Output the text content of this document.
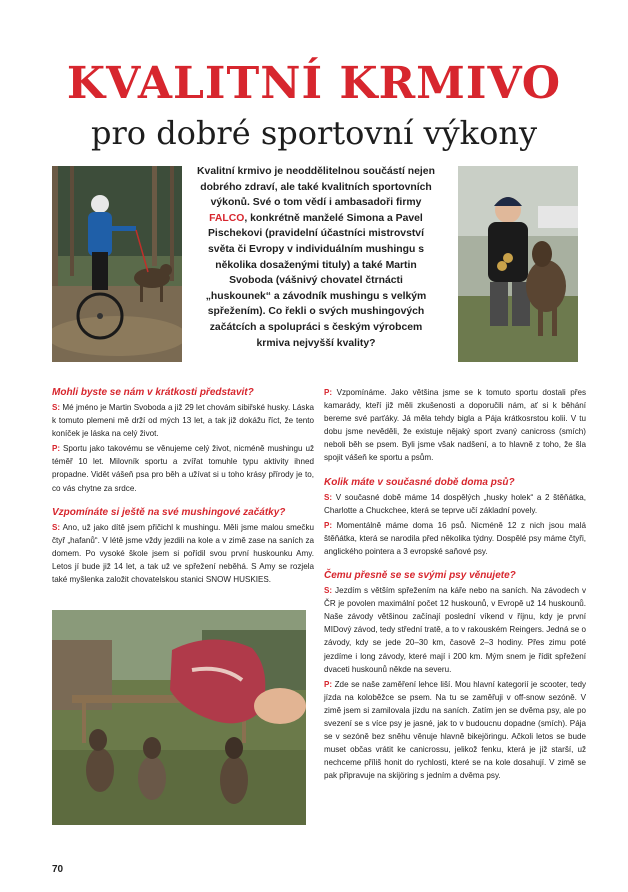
KVALITNÍ KRMIVO
pro dobré sportovní výkony
Kvalitní krmivo je neoddělitelnou součástí nejen dobrého zdraví, ale také kvalitních sportovních výkonů. Své o tom vědí i ambasadoři firmy FALCO, konkrétně manželé Simona a Pavel Pischekovi (pravidelní účastníci mistrovství světa či Evropy v individuálním mushingu s několika dosaženými tituly) a také Martin Svoboda (vášnivý chovatel čtrnácti „huskounek“ a závodník mushingu s velkým spřežením). Co řekli o svých mushingových začátcích a spolupráci s českým výrobcem krmiva nejvyšší kvality?
Mohli byste se nám v krátkosti představit?
S: Mé jméno je Martin Svoboda a již 29 let chovám sibiřské husky. Láska k tomuto plemeni mě drží od mých 13 let, a tak již dokážu říct, že tento koníček je láska na celý život.
P: Sportu jako takovému se věnujeme celý život, nicméně mushingu už téměř 10 let. Milovník sportu a zvířat tomuhle typu aktivity ihned propadne. Vidět vášeň psa pro běh a užívat si u toho krásy přírody je to, co vás chytne za srdce.
Vzpomínáte si ještě na své mushingové začátky?
S: Ano, už jako dítě jsem přičichl k mushingu. Měli jsme malou smečku čtyř „hafanů“. V létě jsme vždy jezdili na kole a v zimě zase na saních za domem. Po vysoké škole jsem si pořídil svou první huskounku Amy. Letos jí bude již 14 let, a tak už ve spřežení neběhá. S Amy se rozjela také myšlenka založit chovatelskou stanici SNOW HUSKIES.
P: Vzpomínáme. Jako většina jsme se k tomuto sportu dostali přes kamarády, kteří již měli zkušenosti a doporučili nám, ať si k běhání bereme své parťáky. Já měla tehdy biglа a Pája krátkosrstou kolii. V tu dobu jsme nevěděli, že existuje nějaký sport zvaný canicross (smích) neboli běh se psem. Byli jsme však nadšení, a to hlavně z toho, že šla spojit vášeň ke sportu a psům.
Kolik máte v současné době doma psů?
S: V současné době máme 14 dospělých „husky holek“ a 2 štěňátka, Charlotte a Chuckchee, která se teprve učí základní povely.
P: Momentálně máme doma 16 psů. Nicméně 12 z nich jsou malá štěňátka, která se narodila před několika týdny. Dospělé psy máme čtyři, anglického pointera a 3 evropské saňové psy.
Čemu přesně se se svými psy věnujete?
S: Jezdím s větším spřežením na káře nebo na saních. Na závodech v ČR je povolen maximální počet 12 huskounů, v Evropě už 14 huskounů. Naše závody většinou začínají poslední víkend v říjnu, kdy je první MIDový závod, tedy střední tratě, a to v rakouském Reingers. Jedná se o závody, kdy se jede 20–30 km, časově 2–3 hodiny. Přes zimu poté jezdíme i long závody, které mají i 200 km. Mým snem je řídit spřežení dvaceti huskounů někde na severu.
P: Zde se naše zaměření lehce liší. Mou hlavní kategorií je scooter, tedy jízda na koloběžce se psem. Na tu se zaměřuji v off-snow sezóně. V zimě jsem si zamilovala jízdu na saních. Zatím jen se dvěma psy, ale po svezení se s více psy je jasné, jak to v budoucnu dopadne (smích). Pája se v sezóně bez sněhu věnuje hlavně bikejöringu. Ačkoli letos se bude muset občas vrátit ke canicrossu, jelikož fenku, která je již starší, už nechceme příliš honit do rychlosti, které se na kole dosahují. V zimě se pak připravuje na skijöring s jedním a dvěma psy.
70
